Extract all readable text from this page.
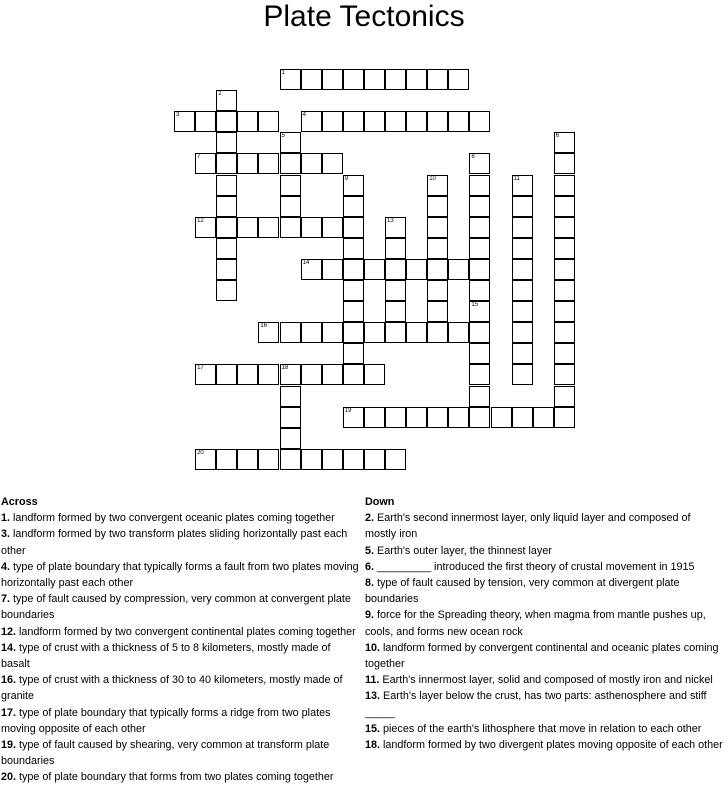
Plate Tectonics
1
3	4
7
12
14
16
17	18
19
20
2
5	6
8
15
9	10	11
13
Across
1. landform formed by two convergent oceanic plates coming together
3. landform formed by two transform plates sliding horizontally past each other
4. type of plate boundary that typically forms a fault from two plates moving horizontally past each other
7. type of fault caused by compression, very common at convergent plate boundaries
12. landform formed by two convergent continental plates coming together
14. type of crust with a thickness of 5 to 8 kilometers, mostly made of basalt
16. type of crust with a thickness of 30 to 40 kilometers, mostly made of granite
17. type of plate boundary that typically forms a ridge from two plates moving opposite of each other
19. type of fault caused by shearing, very common at transform plate boundaries
20. type of plate boundary that forms from two plates coming together
Down
2. Earth's second innermost layer, only liquid layer and composed of mostly iron
5. Earth's outer layer, the thinnest layer
6. _________ introduced the first theory of crustal movement in 1915
8. type of fault caused by tension, very common at divergent plate boundaries
9. force for the Spreading theory, when magma from mantle pushes up, cools, and forms new ocean rock
10. landform formed by convergent continental and oceanic plates coming together
11. Earth's innermost layer, solid and composed of mostly iron and nickel
13. Earth's layer below the crust, has two parts: asthenosphere and stiff _____
15. pieces of the earth's lithosphere that move in relation to each other
18. landform formed by two divergent plates moving opposite of each other
